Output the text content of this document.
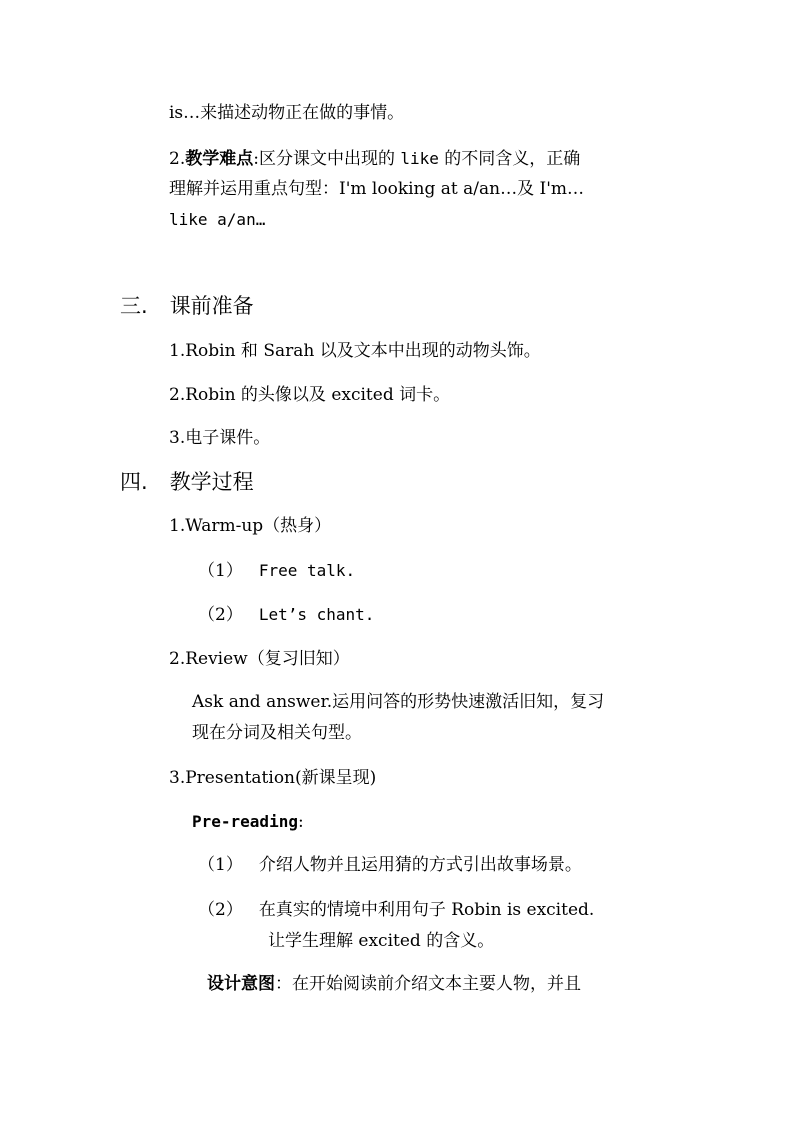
is…来描述动物正在做的事情。
2.教学难点:区分课文中出现的 like 的不同含义，正确
理解并运用重点句型：I'm looking at a/an…及 I'm…
like a/an…
三. 课前准备
1.Robin 和 Sarah 以及文本中出现的动物头饰。
2.Robin 的头像以及 excited 词卡。
3.电子课件。
四. 教学过程
1.Warm-up（热身）
（1） Free talk.
（2） Let’s chant.
2.Review（复习旧知）
Ask and answer.运用问答的形势快速激活旧知，复习
现在分词及相关句型。
3.Presentation(新课呈现)
Pre-reading:
（1） 介绍人物并且运用猜的方式引出故事场景。
（2） 在真实的情境中利用句子 Robin is excited.
让学生理解 excited 的含义。
设计意图：在开始阅读前介绍文本主要人物，并且
